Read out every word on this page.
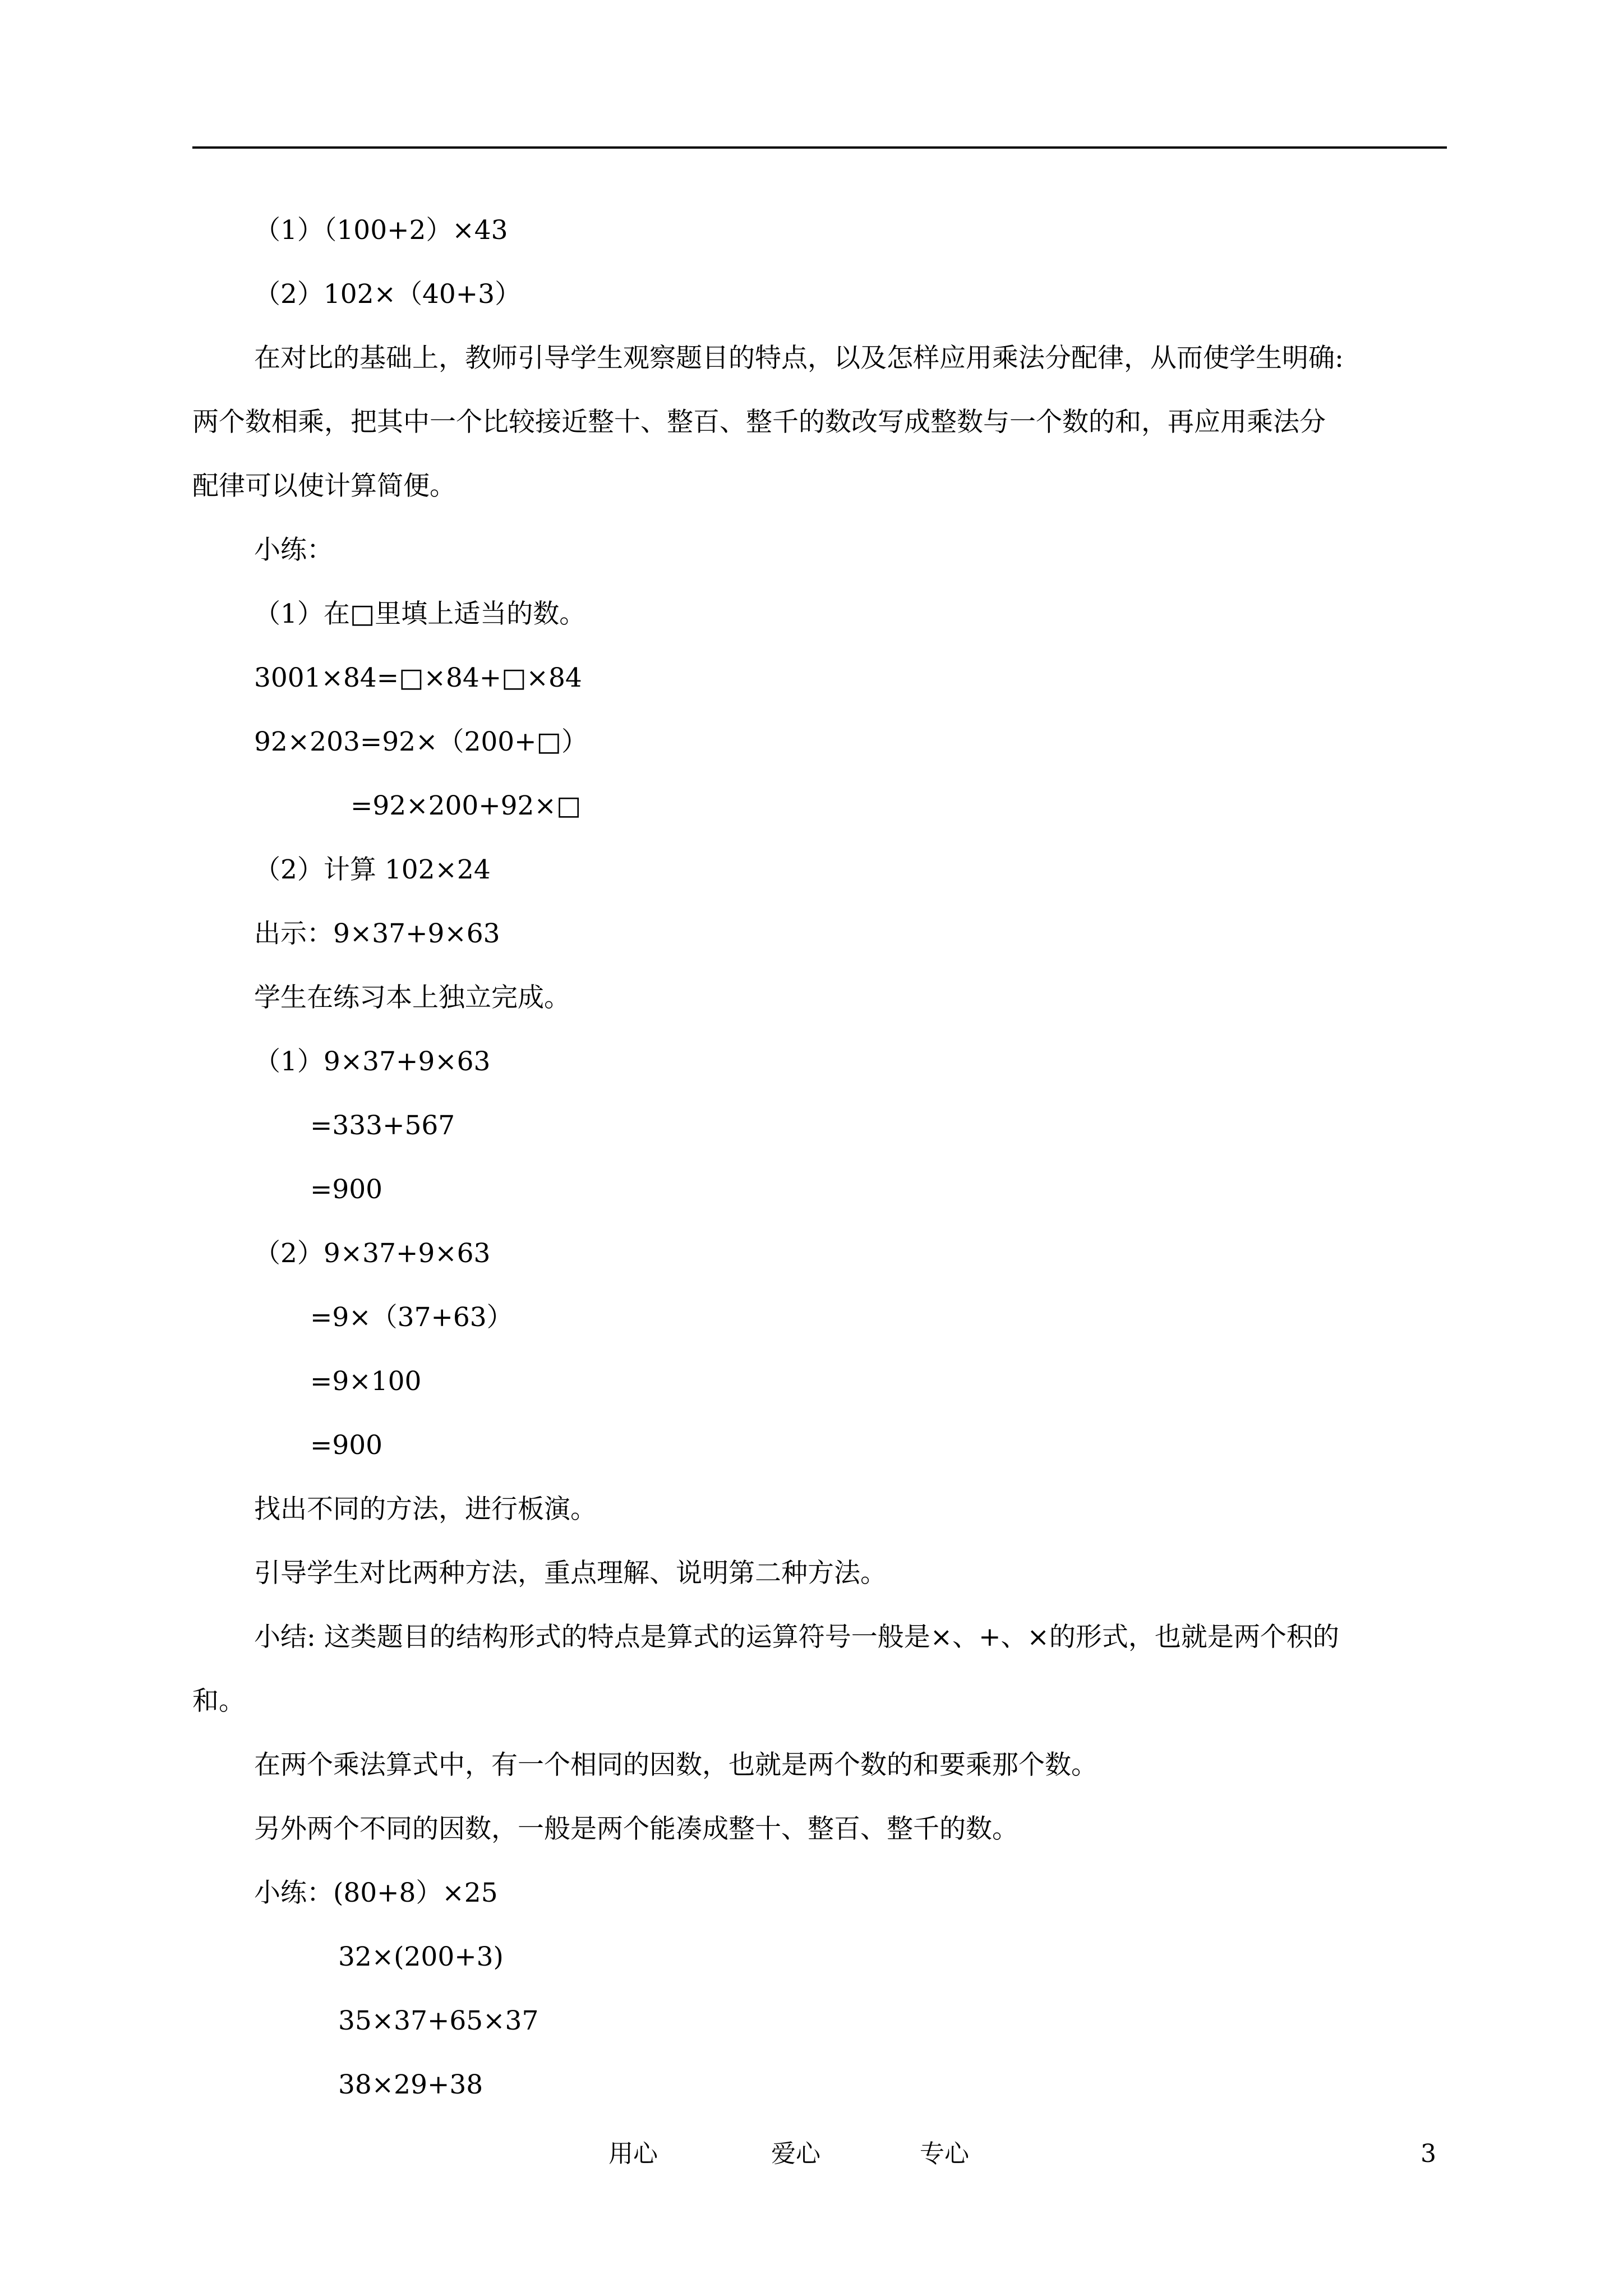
（1）（100+2）×43
（2）102×（40+3）
在对比的基础上，教师引导学生观察题目的特点，以及怎样应用乘法分配律，从而使学生明确:
两个数相乘，把其中一个比较接近整十、整百、整千的数改写成整数与一个数的和，再应用乘法分
配律可以使计算简便。
小练：
（1）在□里填上适当的数。
3001×84=□×84+□×84
92×203=92×（200+□）
=92×200+92×□
（2）计算 102×24
出示：9×37+9×63
学生在练习本上独立完成。
（1）9×37+9×63
=333+567
=900
（2）9×37+9×63
=9×（37+63）
=9×100
=900
找出不同的方法，进行板演。
引导学生对比两种方法，重点理解、说明第二种方法。
小结: 这类题目的结构形式的特点是算式的运算符号一般是×、+、×的形式，也就是两个积的
和。
在两个乘法算式中，有一个相同的因数，也就是两个数的和要乘那个数。
另外两个不同的因数，一般是两个能凑成整十、整百、整千的数。
小练：(80+8）×25
32×(200+3)
35×37+65×37
38×29+38
用心	爱心	专心	3
